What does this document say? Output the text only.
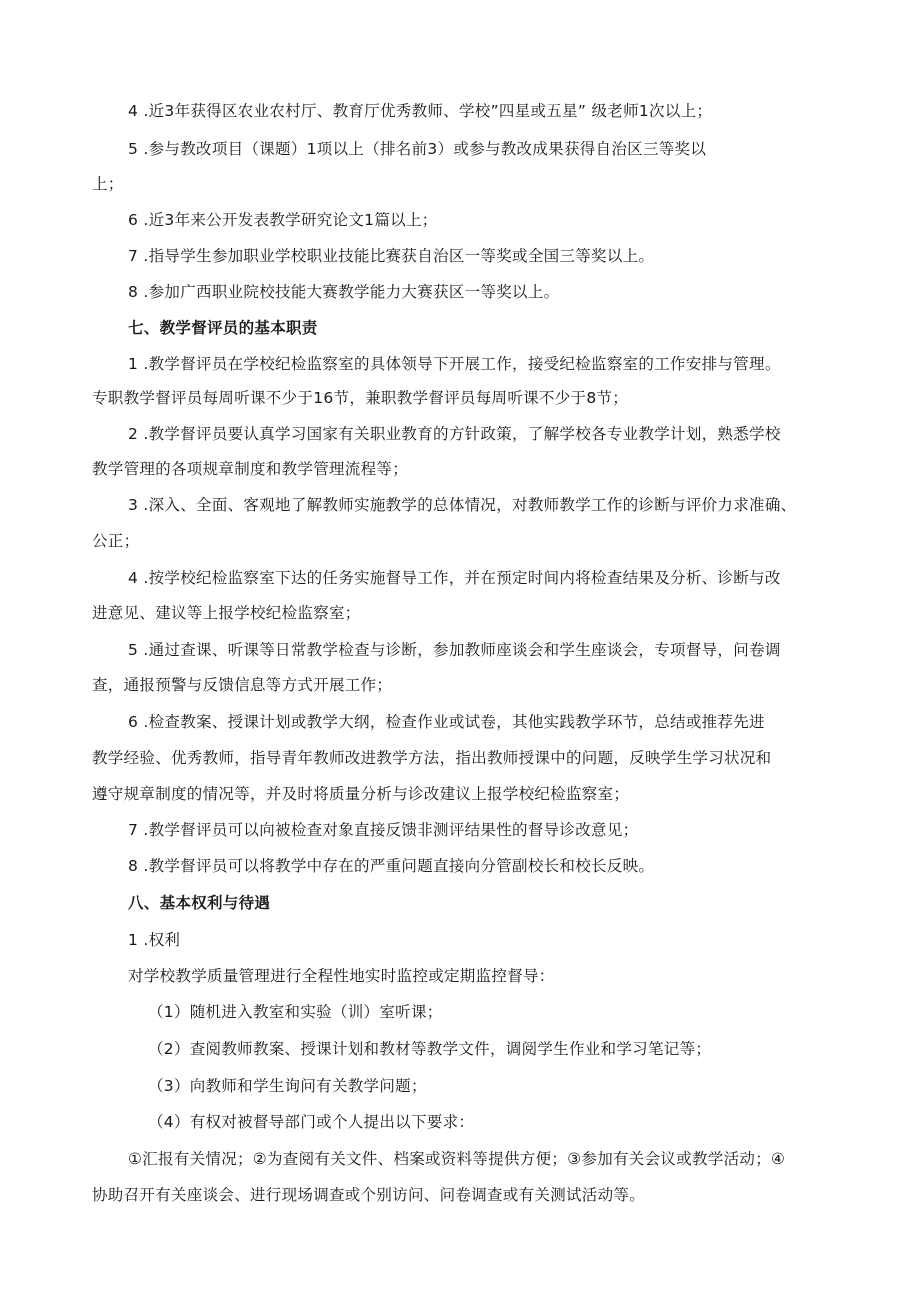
4 .近3年获得区农业农村厅、教育厅优秀教师、学校”四星或五星” 级老师1次以上；
5 .参与教改项目（课题）1项以上（排名前3）或参与教改成果获得自治区三等奖以
上；
6 .近3年来公开发表教学研究论文1篇以上；
7 .指导学生参加职业学校职业技能比赛获自治区一等奖或全国三等奖以上。
8 .参加广西职业院校技能大赛教学能力大赛获区一等奖以上。
七、教学督评员的基本职责
1 .教学督评员在学校纪检监察室的具体领导下开展工作，接受纪检监察室的工作安排与管理。
专职教学督评员每周听课不少于16节，兼职教学督评员每周听课不少于8节；
2 .教学督评员要认真学习国家有关职业教育的方针政策，了解学校各专业教学计划，熟悉学校
教学管理的各项规章制度和教学管理流程等；
3 .深入、全面、客观地了解教师实施教学的总体情况，对教师教学工作的诊断与评价力求准确、
公正；
4 .按学校纪检监察室下达的任务实施督导工作，并在预定时间内将检查结果及分析、诊断与改
进意见、建议等上报学校纪检监察室；
5 .通过查课、听课等日常教学检查与诊断，参加教师座谈会和学生座谈会，专项督导，问卷调
查，通报预警与反馈信息等方式开展工作；
6 .检查教案、授课计划或教学大纲，检查作业或试卷，其他实践教学环节，总结或推荐先进
教学经验、优秀教师，指导青年教师改进教学方法，指出教师授课中的问题，反映学生学习状况和
遵守规章制度的情况等，并及时将质量分析与诊改建议上报学校纪检监察室；
7 .教学督评员可以向被检查对象直接反馈非测评结果性的督导诊改意见；
8 .教学督评员可以将教学中存在的严重问题直接向分管副校长和校长反映。
八、基本权利与待遇
1 .权利
对学校教学质量管理进行全程性地实时监控或定期监控督导：
（1）随机进入教室和实验（训）室听课；
（2）查阅教师教案、授课计划和教材等教学文件，调阅学生作业和学习笔记等；
（3）向教师和学生询问有关教学问题；
（4）有权对被督导部门或个人提出以下要求：
①汇报有关情况；②为查阅有关文件、档案或资料等提供方便；③参加有关会议或教学活动；④
协助召开有关座谈会、进行现场调查或个别访问、问卷调查或有关测试活动等。
